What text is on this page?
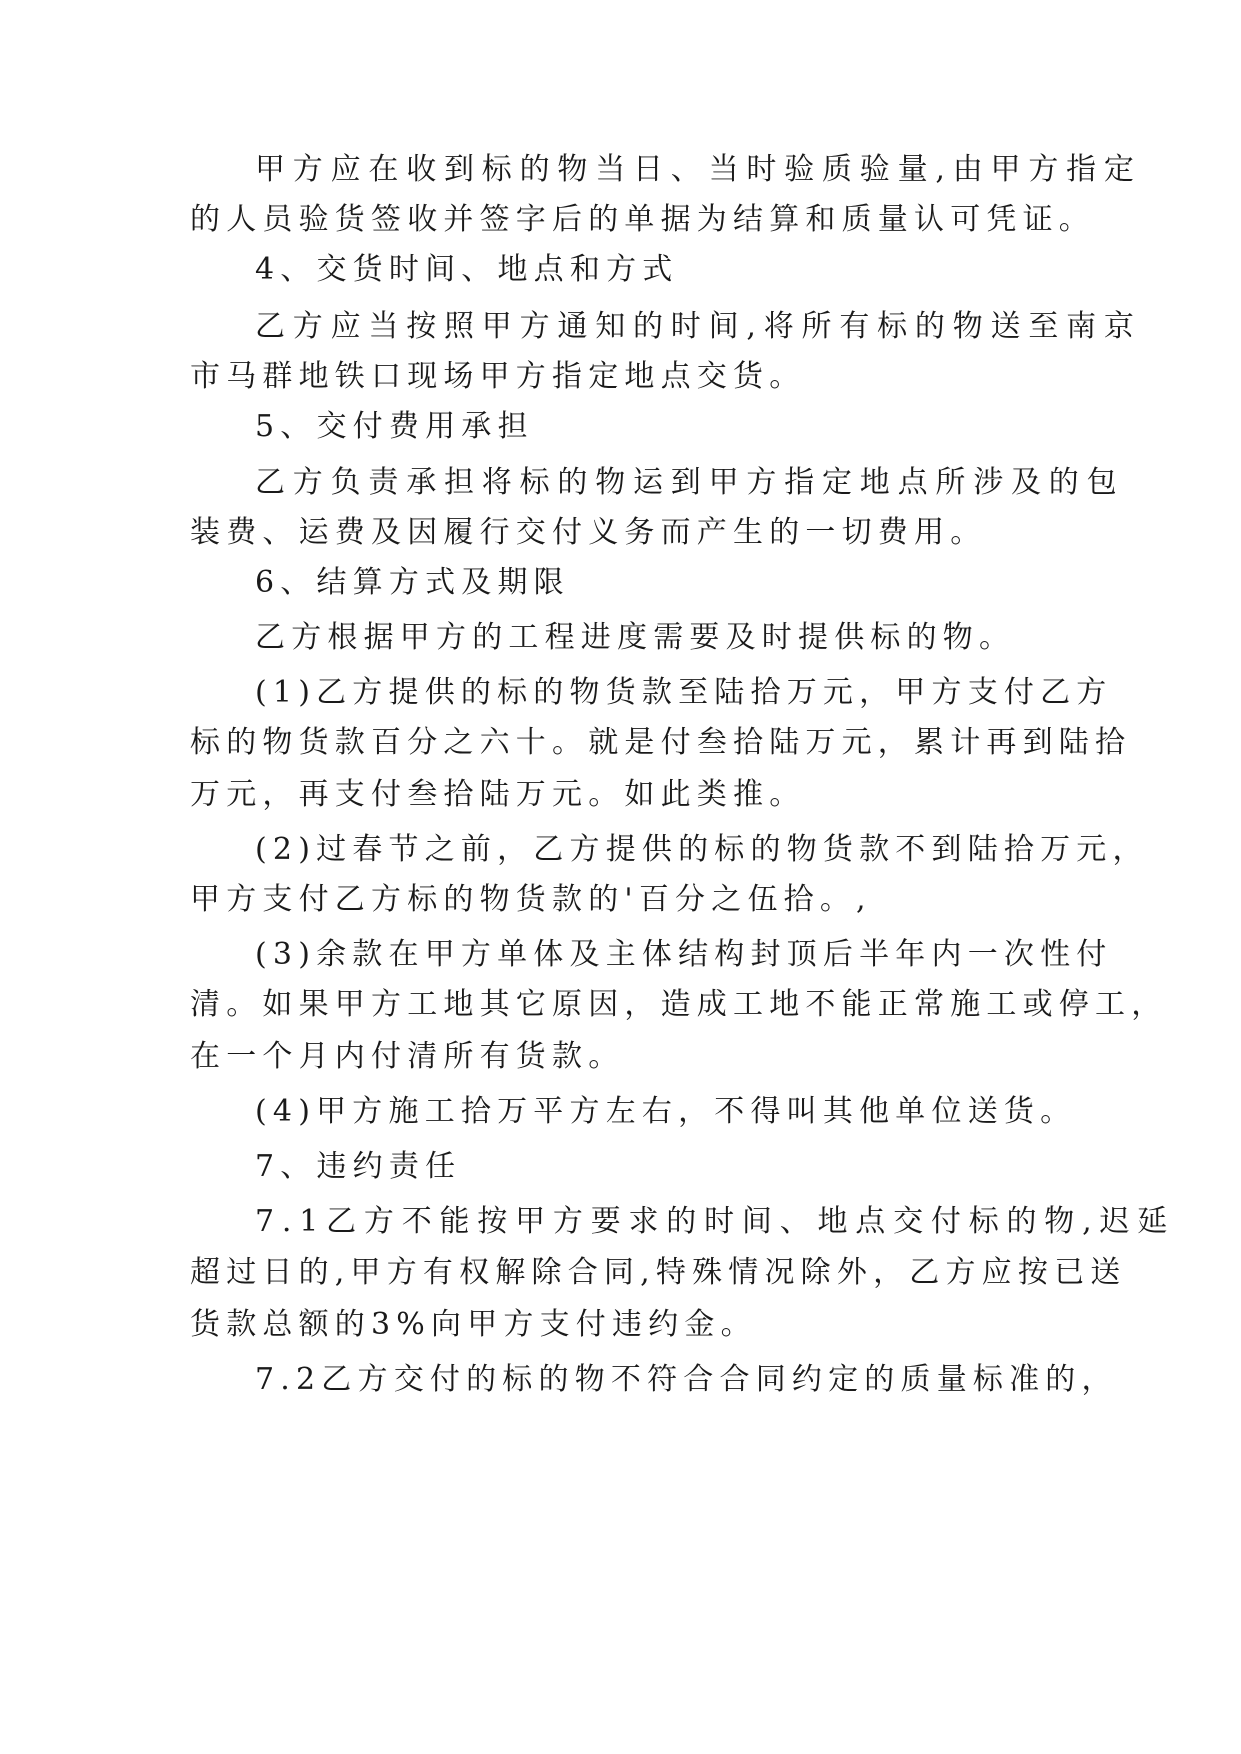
甲方应在收到标的物当日、当时验质验量,由甲方指定
的人员验货签收并签字后的单据为结算和质量认可凭证。
4、交货时间、地点和方式
乙方应当按照甲方通知的时间,将所有标的物送至南京
市马群地铁口现场甲方指定地点交货。
5、交付费用承担
乙方负责承担将标的物运到甲方指定地点所涉及的包
装费、运费及因履行交付义务而产生的一切费用。
6、结算方式及期限
乙方根据甲方的工程进度需要及时提供标的物。
(1)乙方提供的标的物货款至陆拾万元，甲方支付乙方
标的物货款百分之六十。就是付叁拾陆万元，累计再到陆拾
万元，再支付叁拾陆万元。如此类推。
(2)过春节之前，乙方提供的标的物货款不到陆拾万元，
甲方支付乙方标的物货款的'百分之伍拾。,
(3)余款在甲方单体及主体结构封顶后半年内一次性付
清。如果甲方工地其它原因，造成工地不能正常施工或停工，
在一个月内付清所有货款。
(4)甲方施工拾万平方左右，不得叫其他单位送货。
7、违约责任
7.1乙方不能按甲方要求的时间、地点交付标的物,迟延
超过日的,甲方有权解除合同,特殊情况除外，乙方应按已送
货款总额的3%向甲方支付违约金。
7.2乙方交付的标的物不符合合同约定的质量标准的，
